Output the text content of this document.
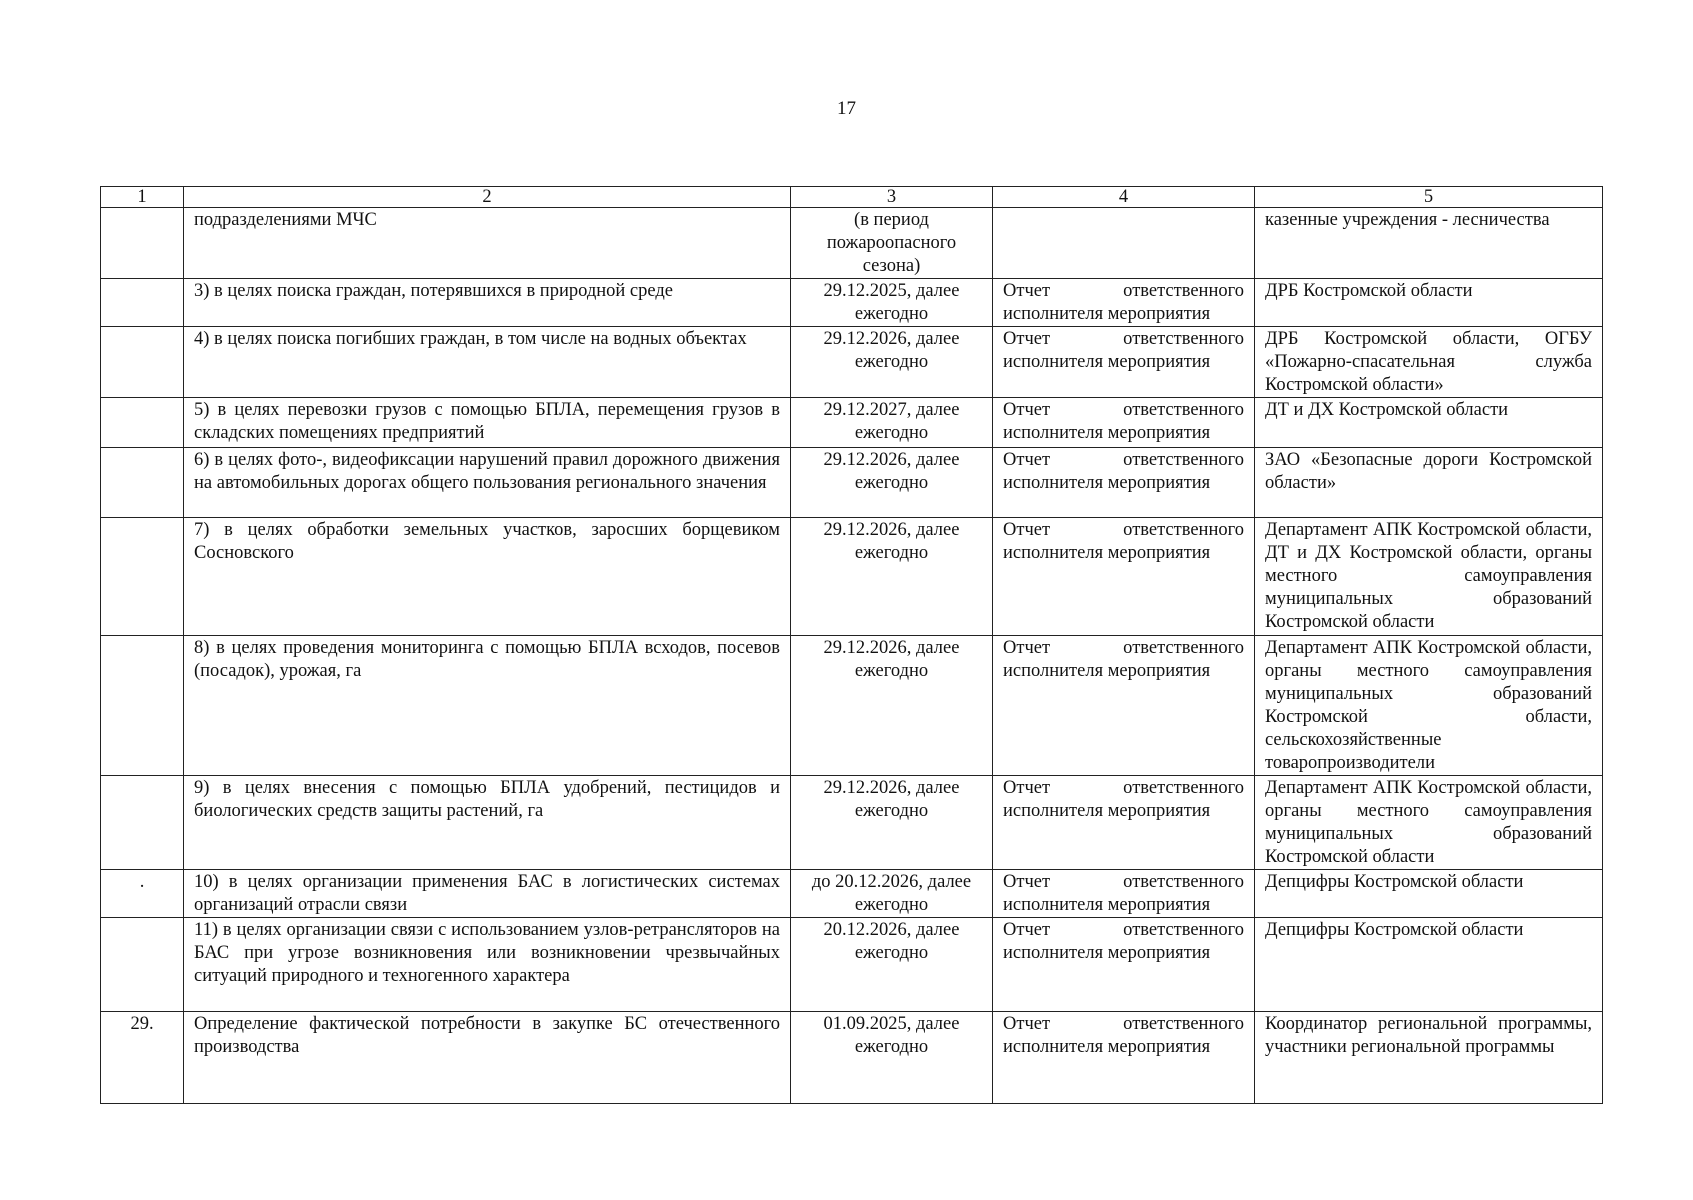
17
1	2	3	4	5
	подразделениями МЧС	(в период пожароопасного сезона)		казенные учреждения - лесничества
	3) в целях поиска граждан, потерявшихся в природной среде	29.12.2025, далее ежегодно	Отчет ответственного исполнителя мероприятия	ДРБ Костромской области
	4) в целях поиска погибших граждан, в том числе на водных объектах	29.12.2026, далее ежегодно	Отчет ответственного исполнителя мероприятия	ДРБ Костромской области, ОГБУ «Пожарно-спасательная служба Костромской области»
	5) в целях перевозки грузов с помощью БПЛА, перемещения грузов в складских помещениях предприятий	29.12.2027, далее ежегодно	Отчет ответственного исполнителя мероприятия	ДТ и ДХ Костромской области
	6) в целях фото-, видеофиксации нарушений правил дорожного движения на автомобильных дорогах общего пользования регионального значения	29.12.2026, далее ежегодно	Отчет ответственного исполнителя мероприятия	ЗАО «Безопасные дороги Костромской области»
	7) в целях обработки земельных участков, заросших борщевиком Сосновского	29.12.2026, далее ежегодно	Отчет ответственного исполнителя мероприятия	Департамент АПК Костромской области, ДТ и ДХ Костромской области, органы местного самоуправления муниципальных образований Костромской области
	8) в целях проведения мониторинга с помощью БПЛА всходов, посевов (посадок), урожая, га	29.12.2026, далее ежегодно	Отчет ответственного исполнителя мероприятия	Департамент АПК Костромской области, органы местного самоуправления муниципальных образований Костромской области, сельскохозяйственные товаропроизводители
	9) в целях внесения с помощью БПЛА удобрений, пестицидов и биологических средств защиты растений, га	29.12.2026, далее ежегодно	Отчет ответственного исполнителя мероприятия	Департамент АПК Костромской области, органы местного самоуправления муниципальных образований Костромской области
.	10) в целях организации применения БАС в логистических системах организаций отрасли связи	до 20.12.2026, далее ежегодно	Отчет ответственного исполнителя мероприятия	Депцифры Костромской области
	11) в целях организации связи с использованием узлов-ретрансляторов на БАС при угрозе возникновения или возникновении чрезвычайных ситуаций природного и техногенного характера	20.12.2026, далее ежегодно	Отчет ответственного исполнителя мероприятия	Депцифры Костромской области
29.	Определение фактической потребности в закупке БС отечественного производства	01.09.2025, далее ежегодно	Отчет ответственного исполнителя мероприятия	Координатор региональной программы, участники региональной программы
